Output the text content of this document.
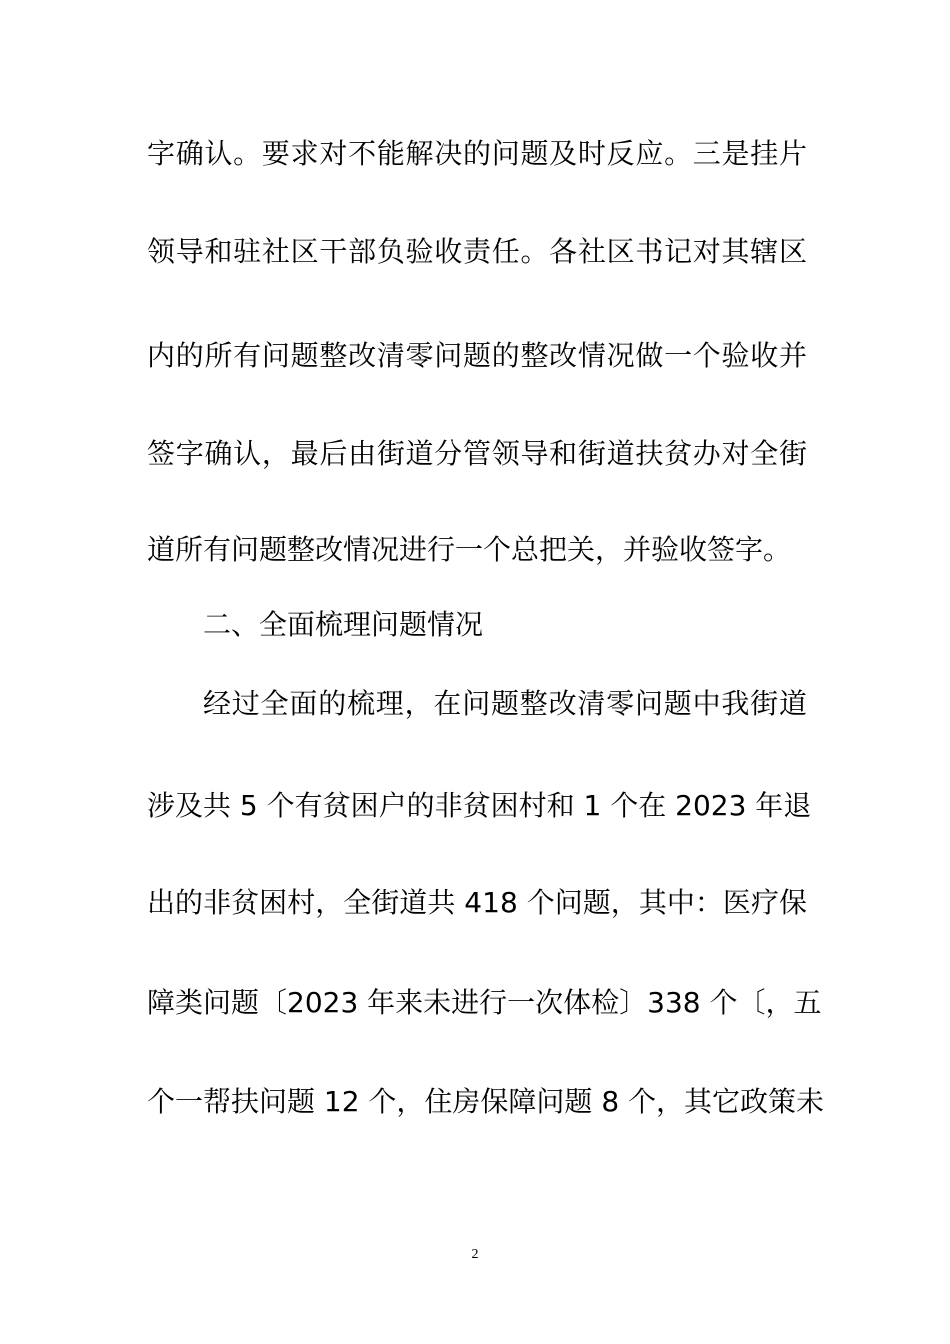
字确认。要求对不能解决的问题及时反应。三是挂片
领导和驻社区干部负验收责任。各社区书记对其辖区
内的所有问题整改清零问题的整改情况做一个验收并
签字确认，最后由街道分管领导和街道扶贫办对全街
道所有问题整改情况进行一个总把关，并验收签字。
二、全面梳理问题情况
经过全面的梳理，在问题整改清零问题中我街道
涉及共 5 个有贫困户的非贫困村和 1 个在 2023 年退
出的非贫困村，全街道共 418 个问题，其中：医疗保
障类问题〔2023 年来未进行一次体检〕338 个〔，五
个一帮扶问题 12 个，住房保障问题 8 个，其它政策未
2
